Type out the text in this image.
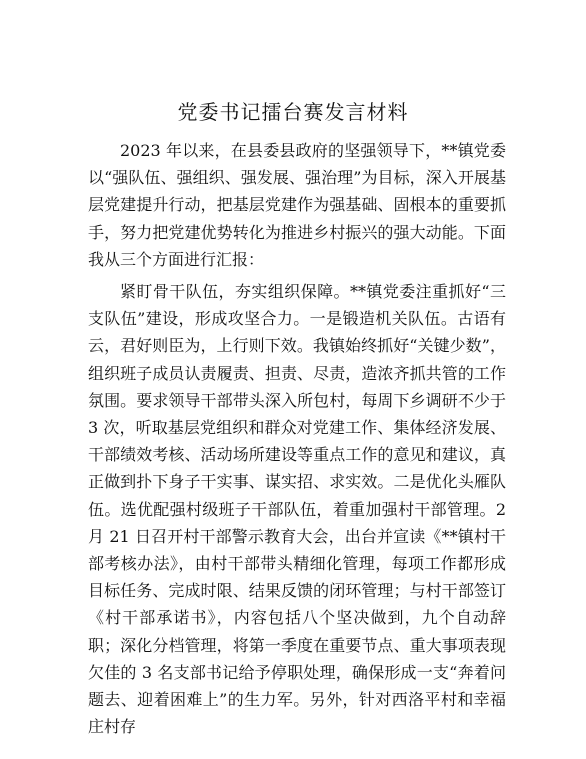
党委书记擂台赛发言材料

2023 年以来，在县委县政府的坚强领导下，**镇党委以“强队伍、强组织、强发展、强治理”为目标，深入开展基层党建提升行动，把基层党建作为强基础、固根本的重要抓手，努力把党建优势转化为推进乡村振兴的强大动能。下面我从三个方面进行汇报：

紧盯骨干队伍，夯实组织保障。**镇党委注重抓好“三支队伍”建设，形成攻坚合力。一是锻造机关队伍。古语有云，君好则臣为，上行则下效。我镇始终抓好“关键少数”，组织班子成员认责履责、担责、尽责，造浓齐抓共管的工作氛围。要求领导干部带头深入所包村，每周下乡调研不少于 3 次，听取基层党组织和群众对党建工作、集体经济发展、干部绩效考核、活动场所建设等重点工作的意见和建议，真正做到扑下身子干实事、谋实招、求实效。二是优化头雁队伍。选优配强村级班子干部队伍，着重加强村干部管理。2 月 21 日召开村干部警示教育大会，出台并宣读《**镇村干部考核办法》，由村干部带头精细化管理，每项工作都形成目标任务、完成时限、结果反馈的闭环管理；与村干部签订《村干部承诺书》，内容包括八个坚决做到，九个自动辞职；深化分档管理，将第一季度在重要节点、重大事项表现欠佳的 3 名支部书记给予停职处理，确保形成一支“奔着问题去、迎着困难上”的生力军。另外，针对西洛平村和幸福庄村存
